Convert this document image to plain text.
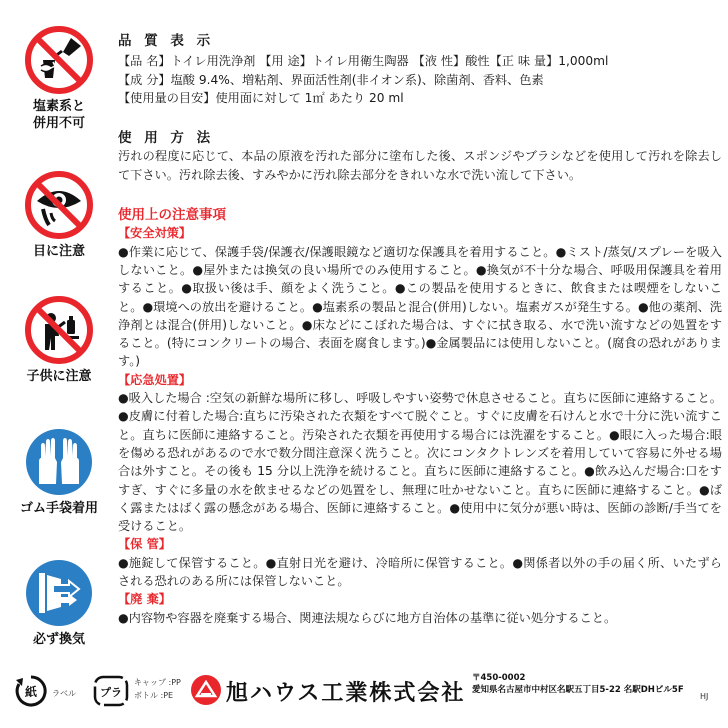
塩素系と
併用不可
目に注意
子供に注意
ゴム手袋着用
必ず換気
品 質 表 示
【品 名】トイレ用洗浄剤 【用 途】トイレ用衛生陶器 【液 性】酸性【正 味 量】1,000ml
【成 分】塩酸 9.4%、増粘剤、界面活性剤(非イオン系)、除菌剤、香料、色素
【使用量の目安】使用面に対して 1㎡ あたり 20 ml
使 用 方 法
汚れの程度に応じて、本品の原液を汚れた部分に塗布した後、スポンジやブラシなどを使用して汚れを除去して下さい。汚れ除去後、すみやかに汚れ除去部分をきれいな水で洗い流して下さい。
使用上の注意事項
【安全対策】
●作業に応じて、保護手袋/保護衣/保護眼鏡など適切な保護具を着用すること。●ミスト/蒸気/スプレーを吸入しないこと。●屋外または換気の良い場所でのみ使用すること。●換気が不十分な場合、呼吸用保護具を着用すること。●取扱い後は手、顔をよく洗うこと。●この製品を使用するときに、飲食または喫煙をしないこと。●環境への放出を避けること。●塩素系の製品と混合(併用)しない。塩素ガスが発生する。●他の薬剤、洗浄剤とは混合(併用)しないこと。●床などにこぼれた場合は、すぐに拭き取る、水で洗い流すなどの処置をすること。(特にコンクリートの場合、表面を腐食します。)●金属製品には使用しないこと。(腐食の恐れがあります。)
【応急処置】
●吸入した場合 :空気の新鮮な場所に移し、呼吸しやすい姿勢で休息させること。直ちに医師に連絡すること。●皮膚に付着した場合:直ちに汚染された衣類をすべて脱ぐこと。すぐに皮膚を石けんと水で十分に洗い流すこと。直ちに医師に連絡すること。汚染された衣類を再使用する場合には洗濯をすること。●眼に入った場合:眼を傷める恐れがあるので水で数分間注意深く洗うこと。次にコンタクトレンズを着用していて容易に外せる場合は外すこと。その後も 15 分以上洗浄を続けること。直ちに医師に連絡すること。●飲み込んだ場合:口をすすぎ、すぐに多量の水を飲ませるなどの処置をし、無理に吐かせないこと。直ちに医師に連絡すること。●ばく露またはばく露の懸念がある場合、医師に連絡すること。●使用中に気分が悪い時は、医師の診断/手当てを受けること。
【保 管】
●施錠して保管すること。●直射日光を避け、冷暗所に保管すること。●関係者以外の手の届く所、いたずらされる恐れのある所には保管しないこと。
【廃 棄】
●内容物や容器を廃棄する場合、関連法規ならびに地方自治体の基準に従い処分すること。
紙 ラベル プラ
キャップ :PP
ボトル :PE	旭ハウス工業株式会社
〒450-0002
愛知県名古屋市中村区名駅五丁目5-22 名駅DHビル5F
HJ
